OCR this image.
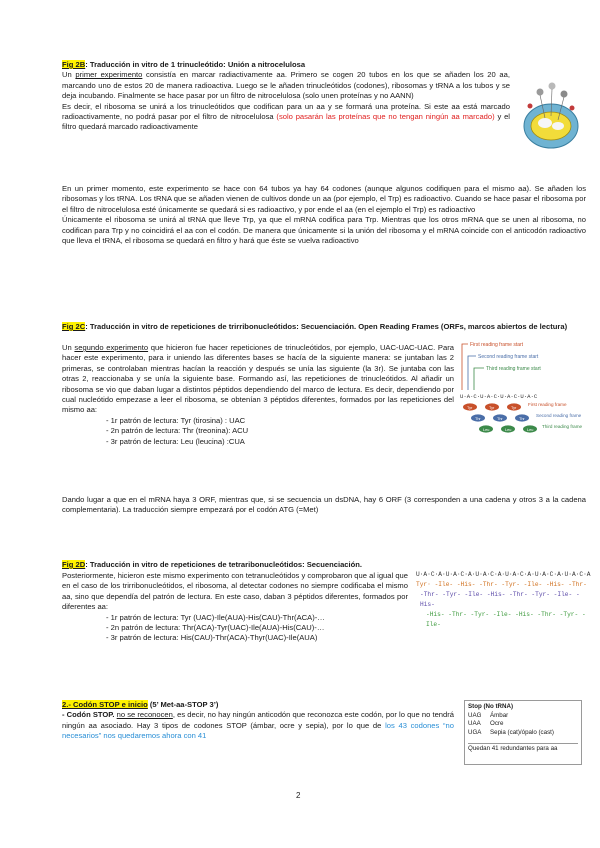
Fig 2B: Traducción in vitro de 1 trinucleótido: Unión a nitrocelulosa
Un primer experimento consistía en marcar radiactivamente aa. Primero se cogen 20 tubos en los que se añaden los 20 aa, marcando uno de estos 20 de manera radioactiva. Luego se le añaden trinucleótidos (codones), ribosomas y tRNA a los tubos y se deja incubando. Finalmente se hace pasar por un filtro de nitrocelulosa (solo unen proteínas y no AANN)
Es decir, el ribosoma se unirá a los trinucleótidos que codifican para un aa y se formará una proteína. Si este aa está marcado radioactivamente, no podrá pasar por el filtro de nitrocelulosa (solo pasarán las proteínas que no tengan ningún aa marcado) y el filtro quedará marcado radioactivamente
En un primer momento, este experimento se hace con 64 tubos ya hay 64 codones (aunque algunos codifiquen para el mismo aa). Se añaden los ribosomas y los tRNA. Los tRNA que se añaden vienen de cultivos donde un aa (por ejemplo, el Trp) es radioactivo. Cuando se hace pasar el ribosoma por el filtro de nitrocelulosa esté únicamente se quedará si es radioactivo, y por ende el aa (en el ejemplo el Trp) es radioactivo
Únicamente el ribosoma se unirá al tRNA que lleve Trp, ya que el mRNA codifica para Trp. Mientras que los otros mRNA que se unen al ribosoma, no codifican para Trp y no coincidirá el aa con el codón. De manera que únicamente si la unión del ribosoma y el mRNA coincide con el anticodón radioactivo que lleva el tRNA, el ribosoma se quedará en filtro y hará que éste se vuelva radioactivo
Fig 2C: Traducción in vitro de repeticiones de trirribonucleótidos: Secuenciación. Open Reading Frames (ORFs, marcos abiertos de lectura)
Un segundo experimento que hicieron fue hacer repeticiones de trinucleótidos, por ejemplo, UAC-UAC-UAC. Para hacer este experimento, para ir uniendo las diferentes bases se hacía de la siguiente manera: se juntaban las 2 primeras, se controlaban mientras hacían la reacción y después se unía las siguiente (la 3r). Se juntaba con las otras 2, reaccionaba y se unía la siguiente base. Formando así, las repeticiones de trinucleótidos. Al añadir un ribosoma se vio que daban lugar a distintos péptidos dependiendo del marco de lectura. Es decir, dependiendo por cual nucleótido empezase a leer el ribosoma, se obtenían 3 péptidos diferentes, formados por las repeticiones del mismo aa:
- 1r patrón de lectura: Tyr (tirosina) : UAC
- 2n patrón de lectura: Thr (treonina): ACU
- 3r patrón de lectura: Leu (leucina) :CUA
Dando lugar a que en el mRNA haya 3 ORF, mientras que, si se secuencia un dsDNA, hay 6 ORF (3 corresponden a una cadena y otros 3 a la cadena complementaria). La traducción siempre empezará por el codón ATG (=Met)
First reading frame start
Second reading frame start
Third reading frame start
U·A·C·U·A·C·U·A·C·U·A·C
Tyr	Tyr	Tyr
First reading frame
Thr	Thr	Thr
Second reading frame
Leu	Leu	Leu
Third reading frame
Fig 2D: Traducción in vitro de repeticiones de tetraribonucleótidos: Secuenciación.
Posteriormente, hicieron este mismo experimento con tetranucleótidos y comprobaron que al igual que en el caso de los trirribonucleótidos, el ribosoma, al detectar codones no siempre codificaba el mismo aa, sino que dependía del patrón de lectura. En este caso, daban 3 péptidos diferentes, formados por diferentes aa:
- 1r patrón de lectura: Tyr (UAC)-Ile(AUA)-His(CAU)-Thr(ACA)-…
- 2n patrón de lectura: Thr(ACA)-Tyr(UAC)-Ile(AUA)-His(CAU)-…
- 3r patrón de lectura: His(CAU)-Thr(ACA)-Thyr(UAC)-Ile(AUA)
U·A·C·A·U·A·C·A·U·A·C·A·U·A·C·A·U·A·C·A·U·A·C·A
Tyr· -Ile- -His- -Thr- -Tyr- -Ile- -His- -Thr-
-Thr- -Tyr- -Ile- -His- -Thr- -Tyr- -Ile- -His-
-His- -Thr- -Tyr- -Ile- -His- -Thr- -Tyr- -Ile-
2.- Codón STOP e inicio (5’ Met-aa-STOP 3’)
- Codón STOP. no se reconocen, es decir, no hay ningún anticodón que reconozca este codón, por lo que no tendrá ningún aa asociado. Hay 3 tipos de codones STOP (ámbar, ocre y sepia), por lo que de los 43 codones “no necesarios” nos quedaremos ahora con 41
Stop (No tRNA)
UAG Ámbar
UAA Ocre
UGA Sepia (cat)/ópalo (cast)
Quedan 41 redundantes para aa
2
